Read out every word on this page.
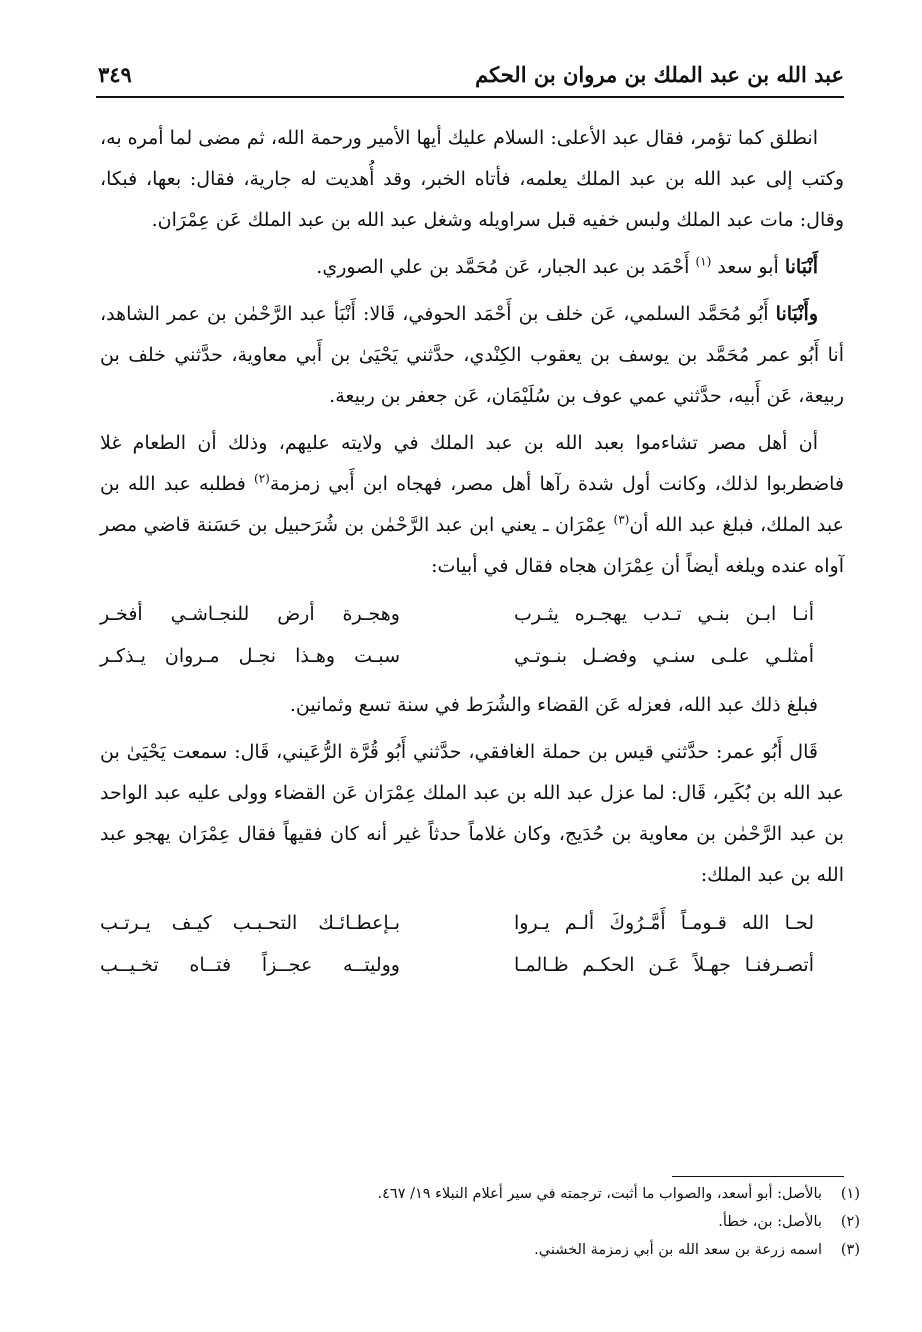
عبد الله بن عبد الملك بن مروان بن الحكم
٣٤٩

انطلق كما تؤمر، فقال عبد الأعلى: السلام عليك أيها الأمير ورحمة الله، ثم مضى لما أمره به، وكتب إلى عبد الله بن عبد الملك يعلمه، فأتاه الخبر، وقد أُهديت له جارية، فقال: بعها، فبكا، وقال: مات عبد الملك ولبس خفيه قبل سراويله وشغل عبد الله بن عبد الملك عَن عِمْرَان.

أَنْبَانا أبو سعد $^{(١)}$ أَحْمَد بن عبد الجبار، عَن مُحَمَّد بن علي الصوري.

وأَنْبَانا أَبُو مُحَمَّد السلمي، عَن خلف بن أَحْمَد الحوفي، قَالا: أَنْبَأ عبد الرَّحْمٰن بن عمر الشاهد، أنا أَبُو عمر مُحَمَّد بن يوسف بن يعقوب الكِنْدي، حدَّثني يَحْيَىٰ بن أَبي معاوية، حدَّثني خلف بن ربيعة، عَن أَبيه، حدَّثني عمي عوف بن سُلَيْمَان، عَن جعفر بن ربيعة.

أن أهل مصر تشاءموا بعبد الله بن عبد الملك في ولايته عليهم، وذلك أن الطعام غلا فاضطربوا لذلك، وكانت أول شدة رآها أهل مصر، فهجاه ابن أَبي زمزمة$^{(٢)}$ فطلبه عبد الله بن عبد الملك، فبلغ عبد الله أن$^{(٣)}$ عِمْرَان ـ يعني ابن عبد الرَّحْمٰن بن شُرَحبيل بن حَسَنة قاضي مصر آواه عنده ويلغه أيضاً أن عِمْرَان هجاه فقال في أبيات:

أنـا ابـن بنـي تـدب يهجـره يثـرب
وهجـرة أرض للنجـاشـي أفخـر
أمثلـي علـى سنـي وفضـل بنـوتـي
سبـت وهـذا نجـل مـروان يـذكـر

فبلغ ذلك عبد الله، فعزله عَن القضاء والشُرَط في سنة تسع وثمانين.

قَال أَبُو عمر: حدَّثني قيس بن حملة الغافقي، حدَّثني أَبُو قُرَّة الرُّعَيني، قَال: سمعت يَحْيَىٰ بن عبد الله بن بُكَير، قَال: لما عزل عبد الله بن عبد الملك عِمْرَان عَن القضاء وولى عليه عبد الواحد بن عبد الرَّحْمٰن بن معاوية بن حُدَيج، وكان غلاماً حدثاً غير أنه كان فقيهاً فقال عِمْرَان يهجو عبد الله بن عبد الملك:

لحـا الله قـومـاً أَمَّـرُوكَ ألـم يـروا
بـإعطـائـك التحـبـب كيـف يـرتـب
أتصـرفنـا جهـلاً عَـن الحكـم ظـالمـا
ووليتــه عجــزاً فتــاه تخـيــب
(١)
بالأصل: أبو أسعد، والصواب ما أثبت، ترجمته في سير أعلام النبلاء ١٩/ ٤٦٧.
(٢)
بالأصل: بن، خطأ.
(٣)
اسمه زرعة بن سعد الله بن أبي زمزمة الخشني.
